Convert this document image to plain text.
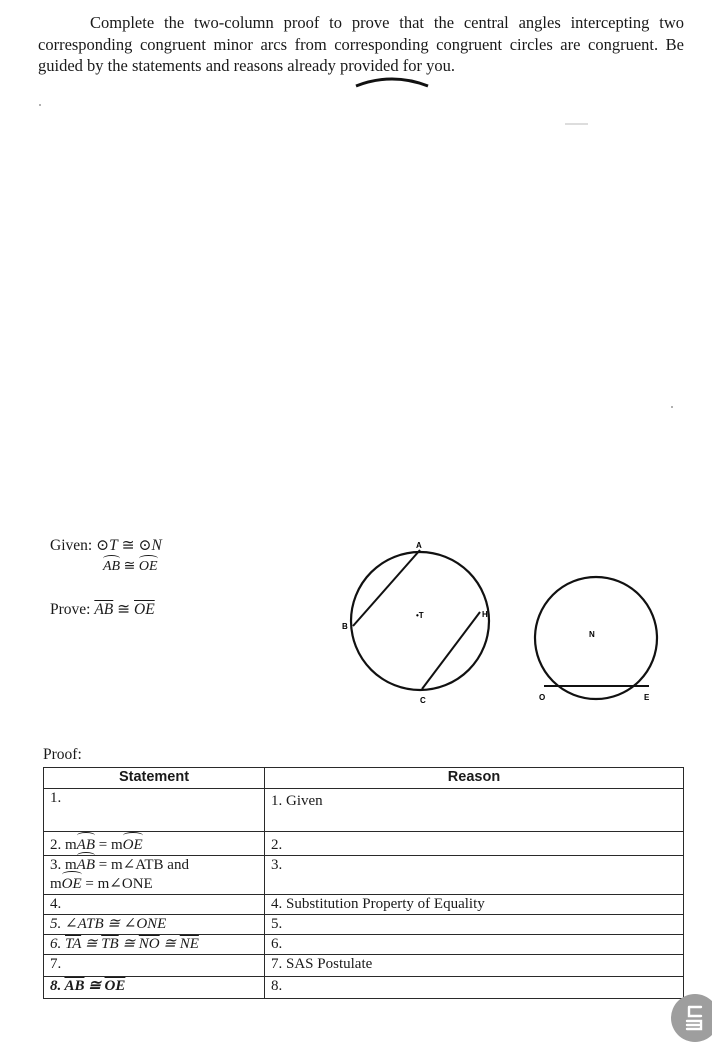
Complete the two-column proof to prove that the central angles intercepting two corresponding congruent minor arcs from corresponding congruent circles are congruent. Be guided by the statements and reasons already provided for you.

Given: ⊙T ≅ ⊙N
AB ≅ OE
Prove: $\overline{AB}$ ≅ $\overline{OE}$
A
B
•T
C
H
N
O	E
Proof:
Statement	Reason
1.	1. Given
2. mAB = mOE	2.
3. mAB = m∠ATB and
mOE = m∠ONE	3.
4.	4. Substitution Property of Equality
5. ∠ATB ≅ ∠ONE	5.
6. $\overline{TA}$ ≅ $\overline{TB}$ ≅ $\overline{NO}$ ≅ $\overline{NE}$	6.
7.	7. SAS Postulate
8. $\overline{AB}$ ≅ $\overline{OE}$	8.
